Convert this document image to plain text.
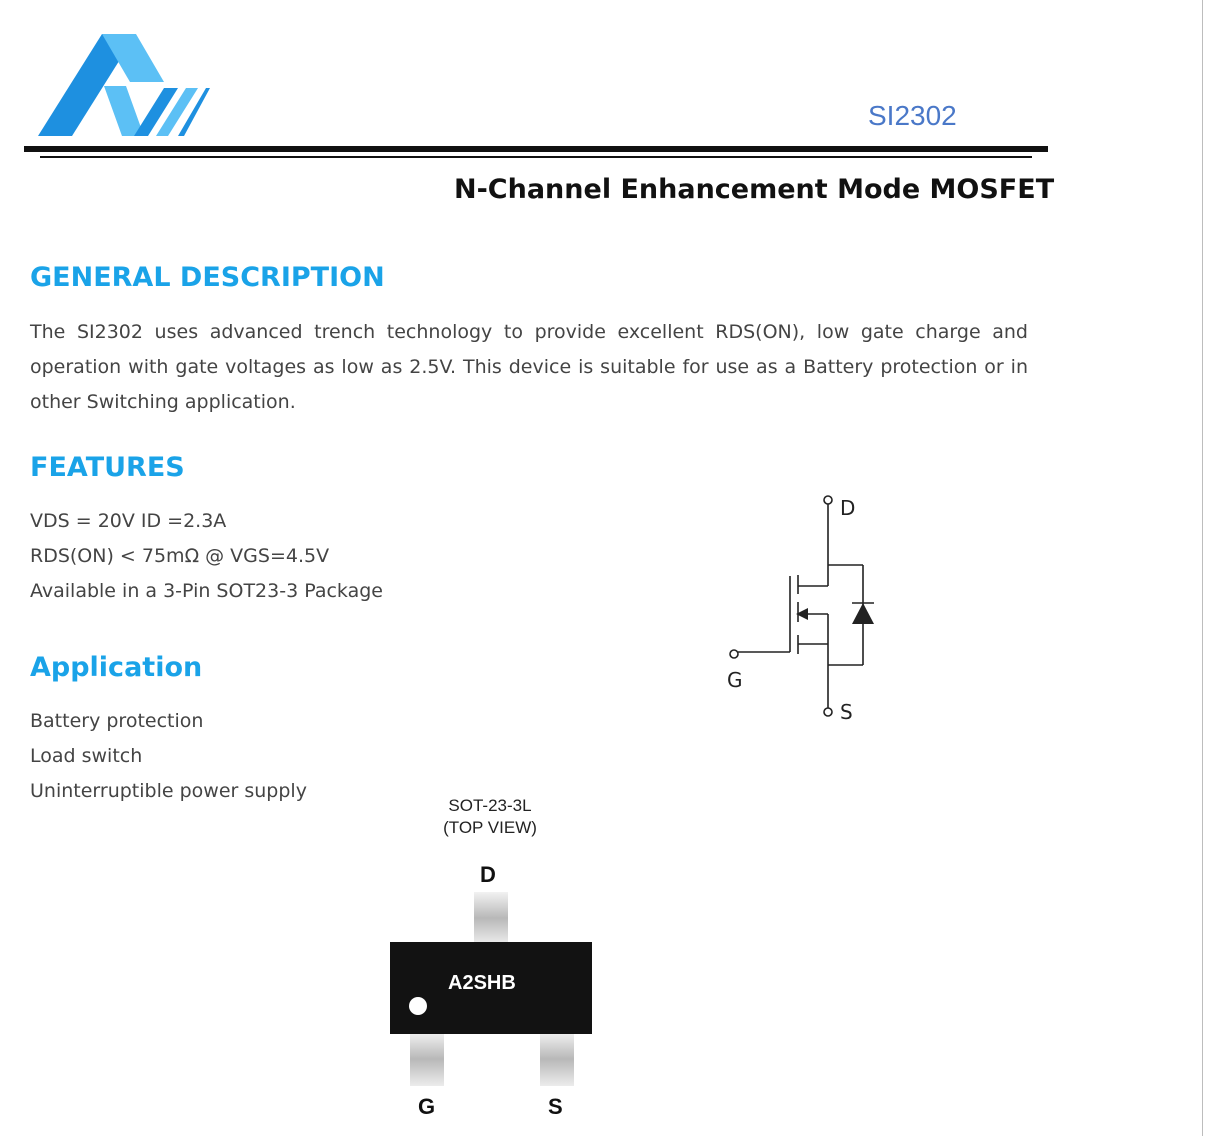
SI2302
N-Channel Enhancement Mode MOSFET
GENERAL DESCRIPTION
The SI2302 uses advanced trench technology to provide excellent RDS(ON), low gate charge and operation with gate voltages as low as 2.5V. This device is suitable for use as a Battery protection or in other Switching application.
FEATURES
VDS = 20V ID =2.3A
RDS(ON) < 75mΩ @ VGS=4.5V
Available in a 3-Pin SOT23-3 Package
Application
Battery protection
Load switch
Uninterruptible power supply
D
G
S
SOT-23-3L
(TOP VIEW)
D
A2SHB
G	S
